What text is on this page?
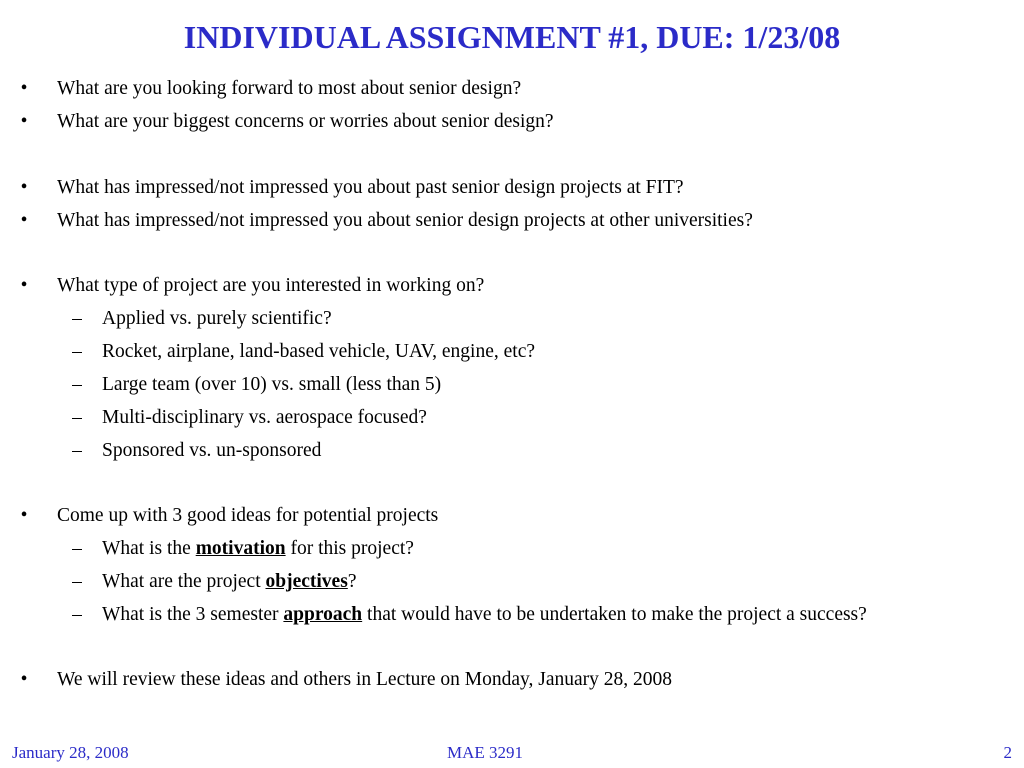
INDIVIDUAL ASSIGNMENT #1, DUE: 1/23/08
• What are you looking forward to most about senior design?
• What are your biggest concerns or worries about senior design?
• What has impressed/not impressed you about past senior design projects at FIT?
• What has impressed/not impressed you about senior design projects at other universities?
• What type of project are you interested in working on?
– Applied vs. purely scientific?
– Rocket, airplane, land-based vehicle, UAV, engine, etc?
– Large team (over 10) vs. small (less than 5)
– Multi-disciplinary vs. aerospace focused?
– Sponsored vs. un-sponsored
• Come up with 3 good ideas for potential projects
– What is the motivation for this project?
– What are the project objectives?
– What is the 3 semester approach that would have to be undertaken to make the project a success?
• We will review these ideas and others in Lecture on Monday, January 28, 2008
January 28, 2008	MAE 3291	2
